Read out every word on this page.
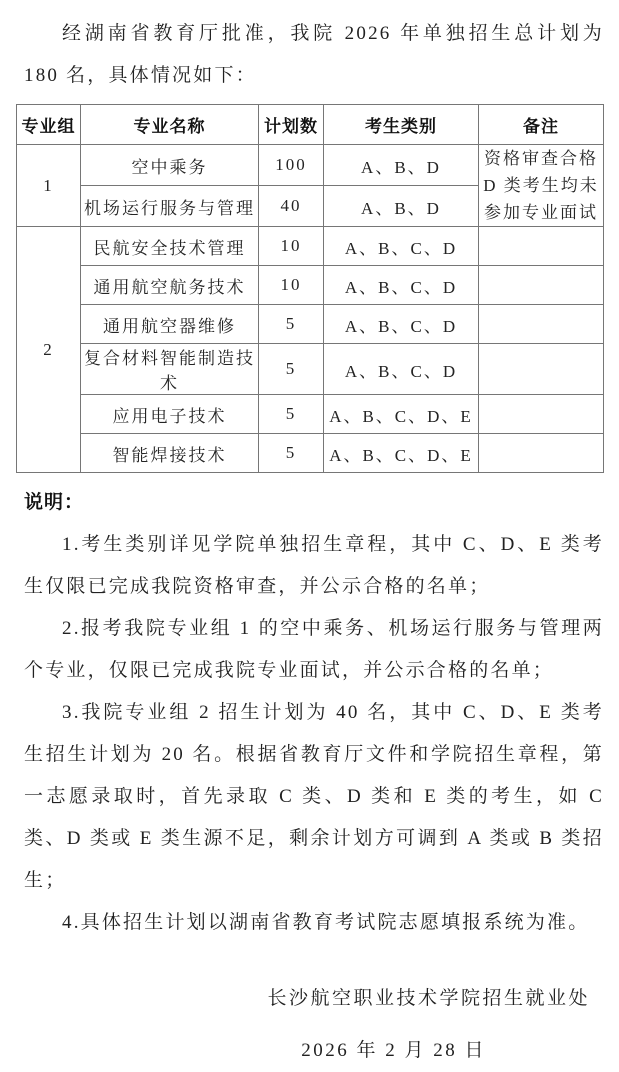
经湖南省教育厅批准，我院 2026 年单独招生总计划为 180 名，具体情况如下：

专业组	专业名称	计划数	考生类别	备注
1	空中乘务	100	A、B、D	资格审查合格 D 类考生均未参加专业面试
	机场运行服务与管理	40	A、B、D	
2	民航安全技术管理	10	A、B、C、D	
	通用航空航务技术	10	A、B、C、D	
	通用航空器维修	5	A、B、C、D	
	复合材料智能制造技术	5	A、B、C、D	
	应用电子技术	5	A、B、C、D、E	
	智能焊接技术	5	A、B、C、D、E	
说明：

1.考生类别详见学院单独招生章程，其中 C、D、E 类考生仅限已完成我院资格审查，并公示合格的名单；

2.报考我院专业组 1 的空中乘务、机场运行服务与管理两个专业，仅限已完成我院专业面试，并公示合格的名单；

3.我院专业组 2 招生计划为 40 名，其中 C、D、E 类考生招生计划为 20 名。根据省教育厅文件和学院招生章程，第一志愿录取时，首先录取 C 类、D 类和 E 类的考生，如 C 类、D 类或 E 类生源不足，剩余计划方可调到 A 类或 B 类招生；

4.具体招生计划以湖南省教育考试院志愿填报系统为准。

长沙航空职业技术学院招生就业处
2026 年 2 月 28 日
